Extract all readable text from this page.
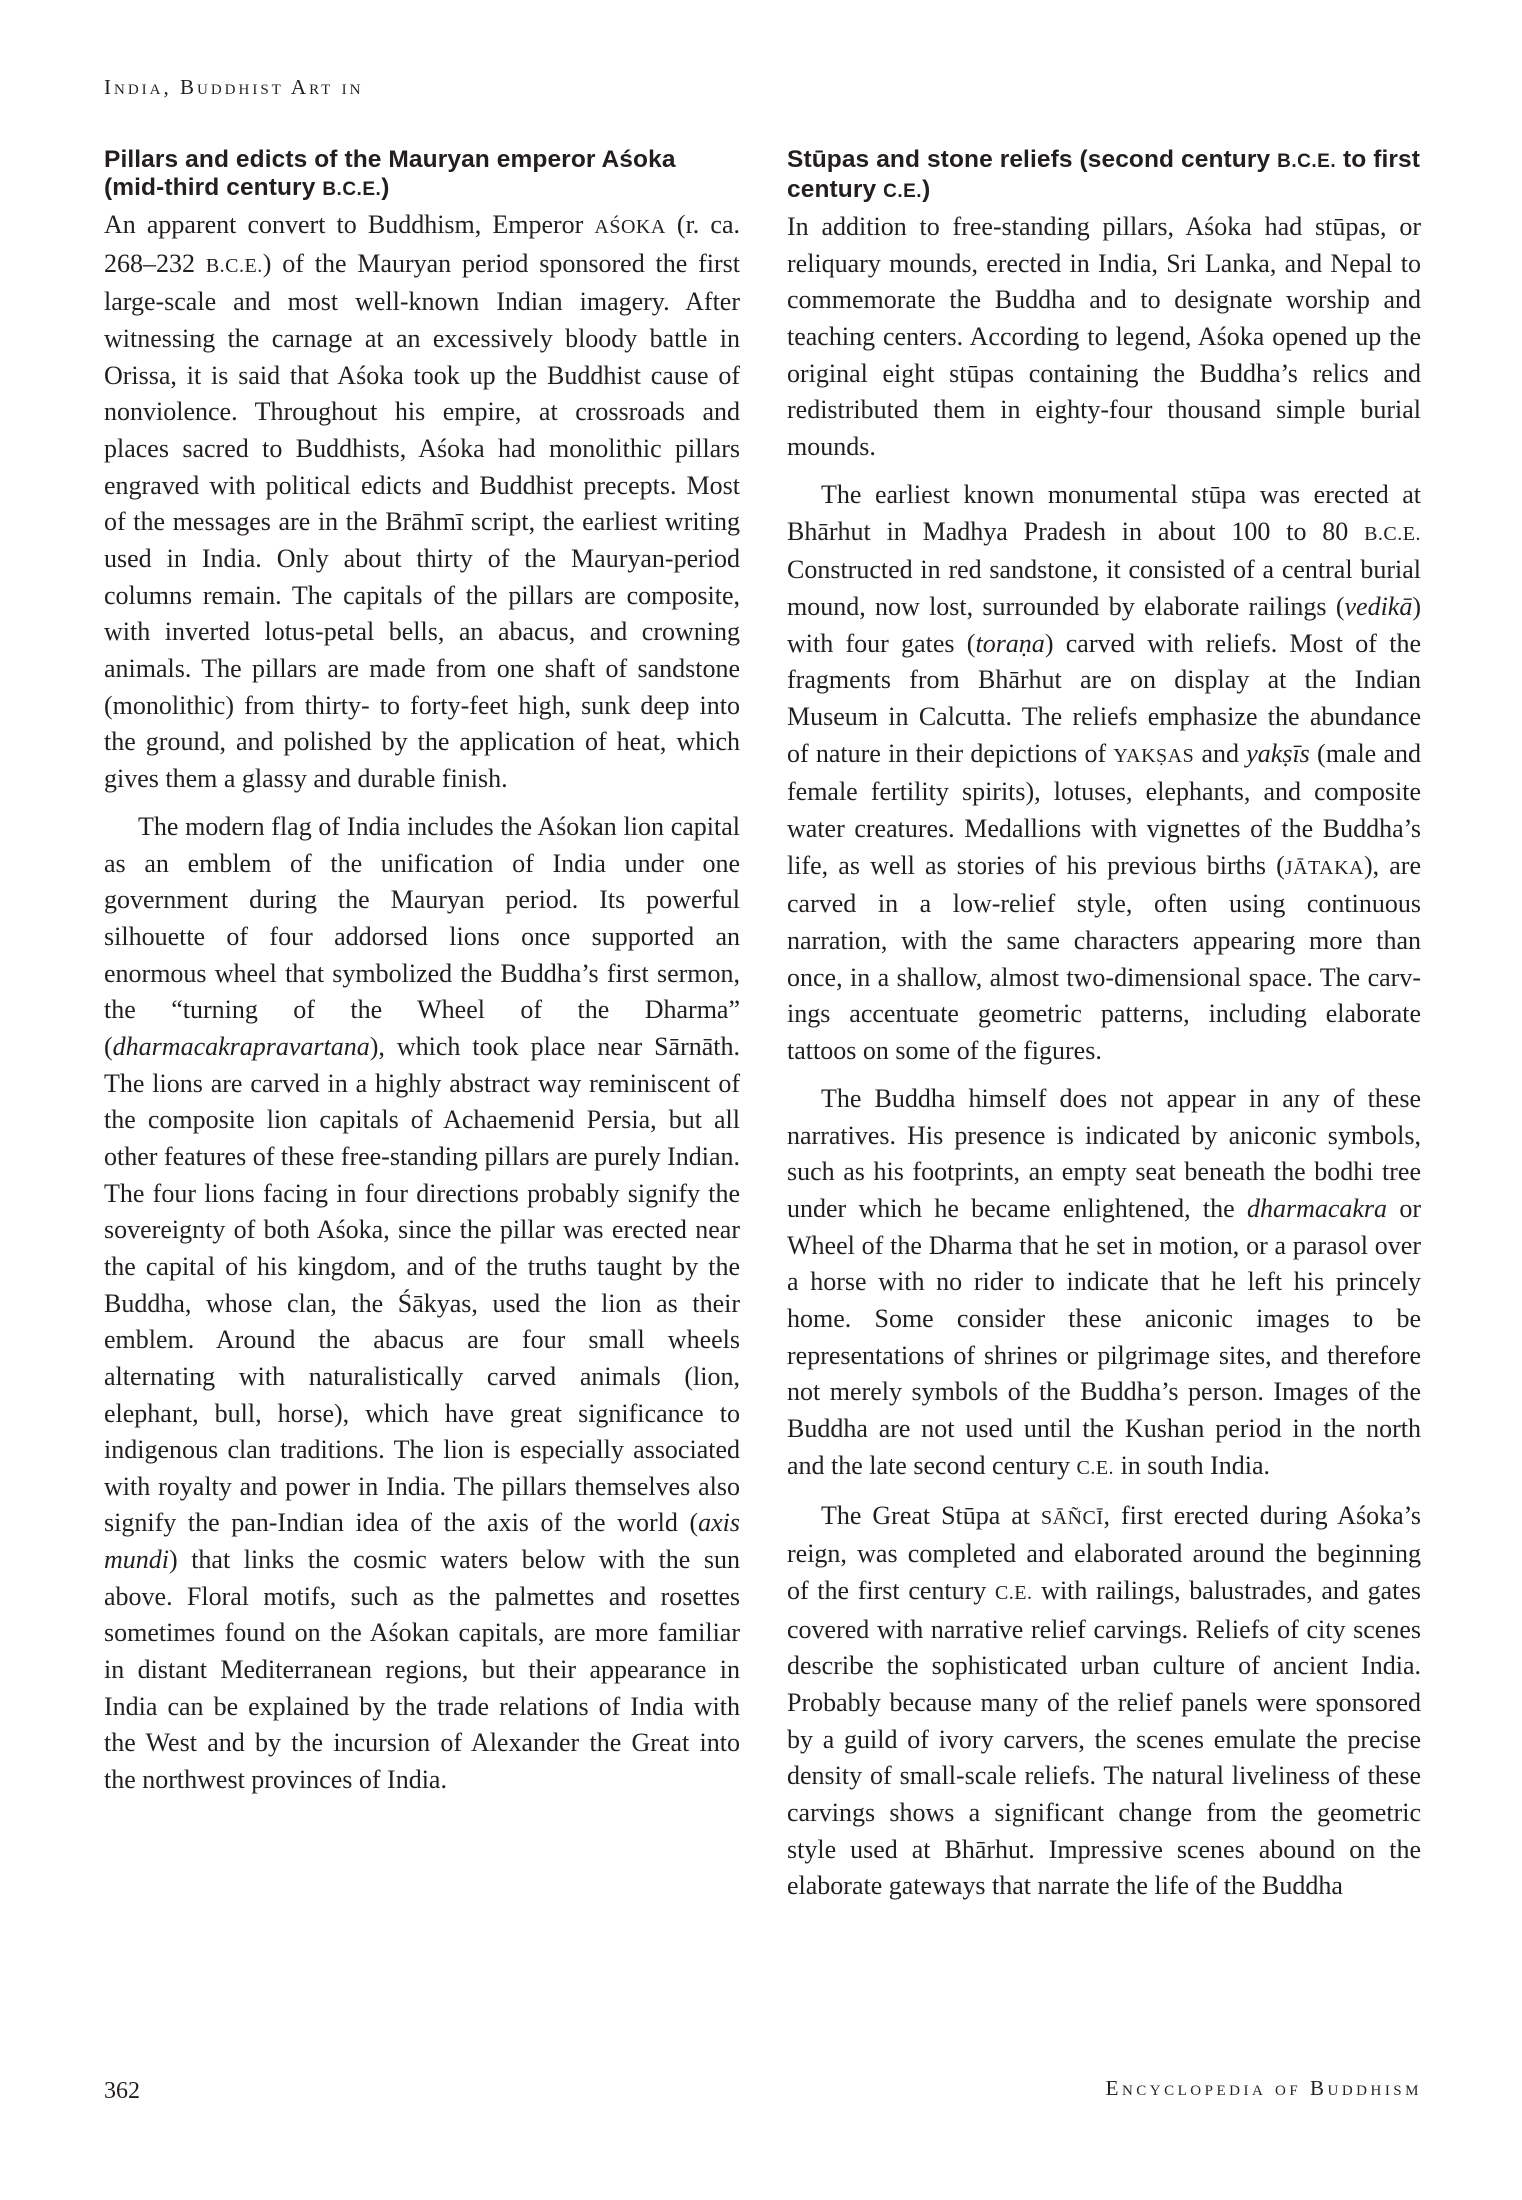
India, Buddhist Art in
Pillars and edicts of the Mauryan emperor Aśoka (mid-third century B.C.E.)

An apparent convert to Buddhism, Emperor AŚOKA (r. ca. 268–232 B.C.E.) of the Mauryan period sponsored the first large-scale and most well-known Indian imagery. After witnessing the carnage at an excessively bloody battle in Orissa, it is said that Aśoka took up the Buddhist cause of nonviolence. Throughout his empire, at crossroads and places sacred to Buddhists, Aśoka had monolithic pillars engraved with political edicts and Buddhist precepts. Most of the messages are in the Brāhmī script, the earliest writing used in India. Only about thirty of the Mauryan-period columns remain. The capitals of the pillars are composite, with inverted lotus-petal bells, an abacus, and crowning animals. The pillars are made from one shaft of sandstone (monolithic) from thirty- to forty-feet high, sunk deep into the ground, and polished by the application of heat, which gives them a glassy and durable finish.

The modern flag of India includes the Aśokan lion capital as an emblem of the unification of India under one government during the Mauryan period. Its powerful silhouette of four addorsed lions once supported an enormous wheel that symbolized the Buddha’s first sermon, the “turning of the Wheel of the Dharma” (dharmacakrapravartana), which took place near Sārnāth. The lions are carved in a highly abstract way reminiscent of the composite lion capitals of Achaemenid Persia, but all other features of these free-standing pillars are purely Indian. The four lions facing in four directions probably signify the sovereignty of both Aśoka, since the pillar was erected near the capital of his kingdom, and of the truths taught by the Buddha, whose clan, the Śākyas, used the lion as their emblem. Around the abacus are four small wheels alternating with naturalistically carved animals (lion, elephant, bull, horse), which have great significance to indigenous clan traditions. The lion is especially associated with royalty and power in India. The pillars themselves also signify the pan-Indian idea of the axis of the world (axis mundi) that links the cosmic waters below with the sun above. Floral motifs, such as the palmettes and rosettes sometimes found on the Aśokan capitals, are more familiar in distant Mediterranean regions, but their appearance in India can be explained by the trade relations of India with the West and by the incursion of Alexander the Great into the northwest provinces of India.

Stūpas and stone reliefs (second century B.C.E. to first century C.E.)

In addition to free-standing pillars, Aśoka had stūpas, or reliquary mounds, erected in India, Sri Lanka, and Nepal to commemorate the Buddha and to designate worship and teaching centers. According to legend, Aśoka opened up the original eight stūpas containing the Buddha’s relics and redistributed them in eighty-four thousand simple burial mounds.

The earliest known monumental stūpa was erected at Bhārhut in Madhya Pradesh in about 100 to 80 B.C.E. Constructed in red sandstone, it consisted of a central burial mound, now lost, surrounded by elaborate railings (vedikā) with four gates (toraṇa) carved with reliefs. Most of the fragments from Bhārhut are on display at the Indian Museum in Calcutta. The reliefs emphasize the abundance of nature in their depictions of YAKṢAS and yakṣīs (male and female fertility spirits), lotuses, elephants, and composite water creatures. Medallions with vignettes of the Buddha’s life, as well as stories of his previous births (JĀTAKA), are carved in a low-relief style, often using continuous narration, with the same characters appearing more than once, in a shallow, almost two-dimensional space. The carvings accentuate geometric patterns, including elaborate tattoos on some of the figures.

The Buddha himself does not appear in any of these narratives. His presence is indicated by aniconic symbols, such as his footprints, an empty seat beneath the bodhi tree under which he became enlightened, the dharmacakra or Wheel of the Dharma that he set in motion, or a parasol over a horse with no rider to indicate that he left his princely home. Some consider these aniconic images to be representations of shrines or pilgrimage sites, and therefore not merely symbols of the Buddha’s person. Images of the Buddha are not used until the Kushan period in the north and the late second century C.E. in south India.

The Great Stūpa at SĀÑCĪ, first erected during Aśoka’s reign, was completed and elaborated around the beginning of the first century C.E. with railings, balustrades, and gates covered with narrative relief carvings. Reliefs of city scenes describe the sophisticated urban culture of ancient India. Probably because many of the relief panels were sponsored by a guild of ivory carvers, the scenes emulate the precise density of small-scale reliefs. The natural liveliness of these carvings shows a significant change from the geometric style used at Bhārhut. Impressive scenes abound on the elaborate gateways that narrate the life of the Buddha

362	Encyclopedia of Buddhism
